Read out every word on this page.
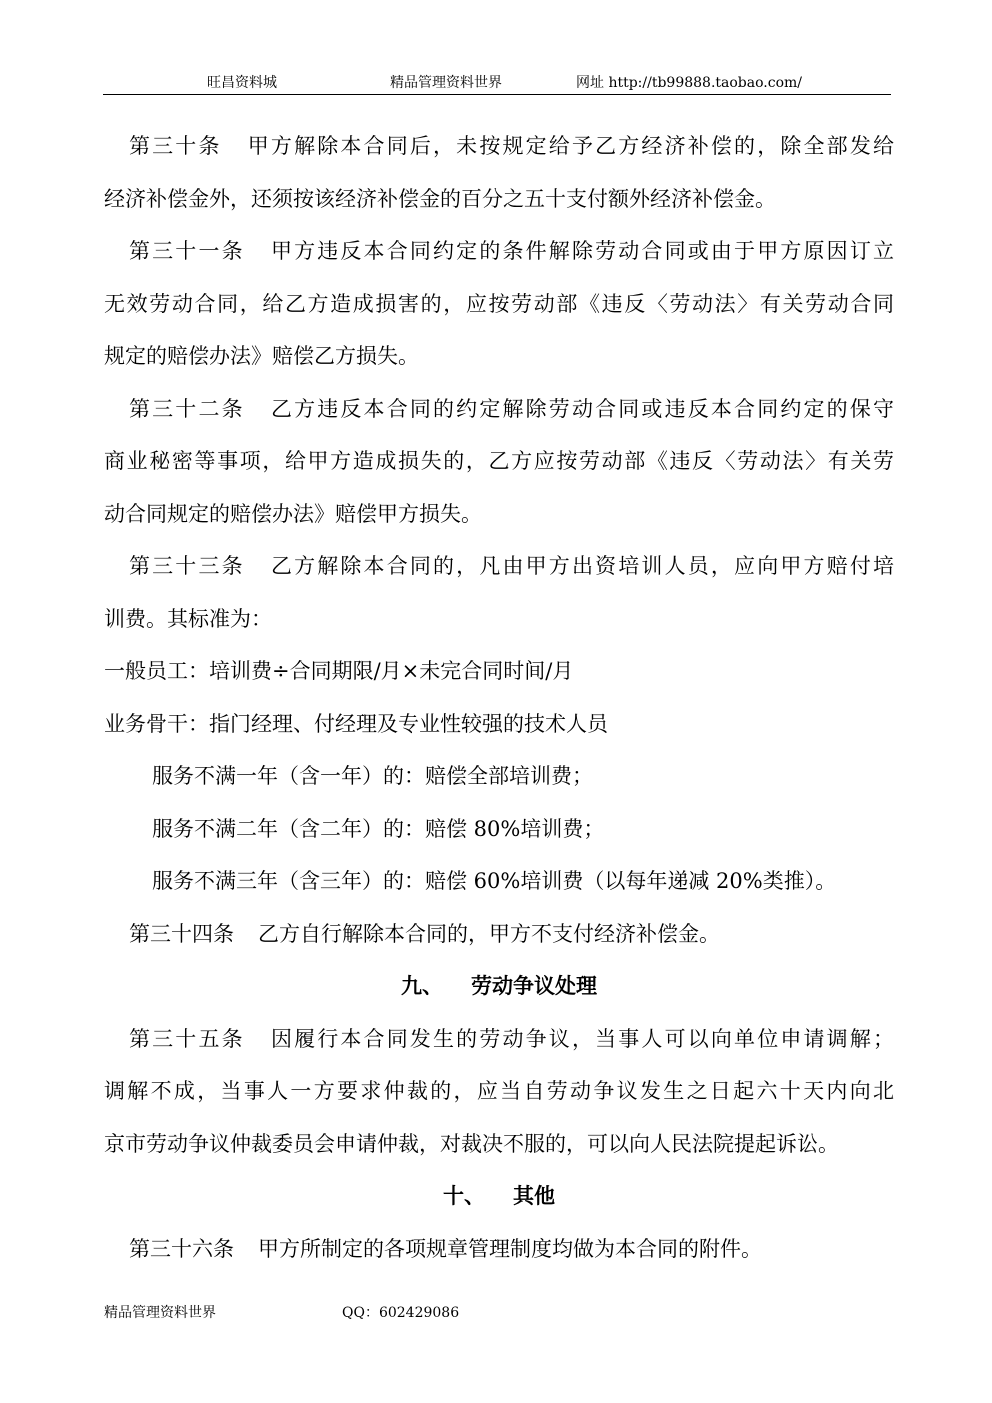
旺昌资料城	精品管理资料世界	网址 http://tb99888.taobao.com/
第三十条 甲方解除本合同后，未按规定给予乙方经济补偿的，除全部发给
经济补偿金外，还须按该经济补偿金的百分之五十支付额外经济补偿金。
第三十一条 甲方违反本合同约定的条件解除劳动合同或由于甲方原因订立
无效劳动合同，给乙方造成损害的，应按劳动部《违反〈劳动法〉有关劳动合同
规定的赔偿办法》赔偿乙方损失。
第三十二条 乙方违反本合同的约定解除劳动合同或违反本合同约定的保守
商业秘密等事项，给甲方造成损失的，乙方应按劳动部《违反〈劳动法〉有关劳
动合同规定的赔偿办法》赔偿甲方损失。
第三十三条 乙方解除本合同的，凡由甲方出资培训人员，应向甲方赔付培
训费。其标准为：
一般员工：培训费÷合同期限/月×未完合同时间/月
业务骨干：指门经理、付经理及专业性较强的技术人员
服务不满一年（含一年）的：赔偿全部培训费；
服务不满二年（含二年）的：赔偿 80%培训费；
服务不满三年（含三年）的：赔偿 60%培训费（以每年递减 20%类推）。
第三十四条 乙方自行解除本合同的，甲方不支付经济补偿金。
九、 劳动争议处理
第三十五条 因履行本合同发生的劳动争议，当事人可以向单位申请调解；
调解不成，当事人一方要求仲裁的，应当自劳动争议发生之日起六十天内向北
京市劳动争议仲裁委员会申请仲裁，对裁决不服的，可以向人民法院提起诉讼。
十、 其他
第三十六条 甲方所制定的各项规章管理制度均做为本合同的附件。
精品管理资料世界	QQ：602429086
